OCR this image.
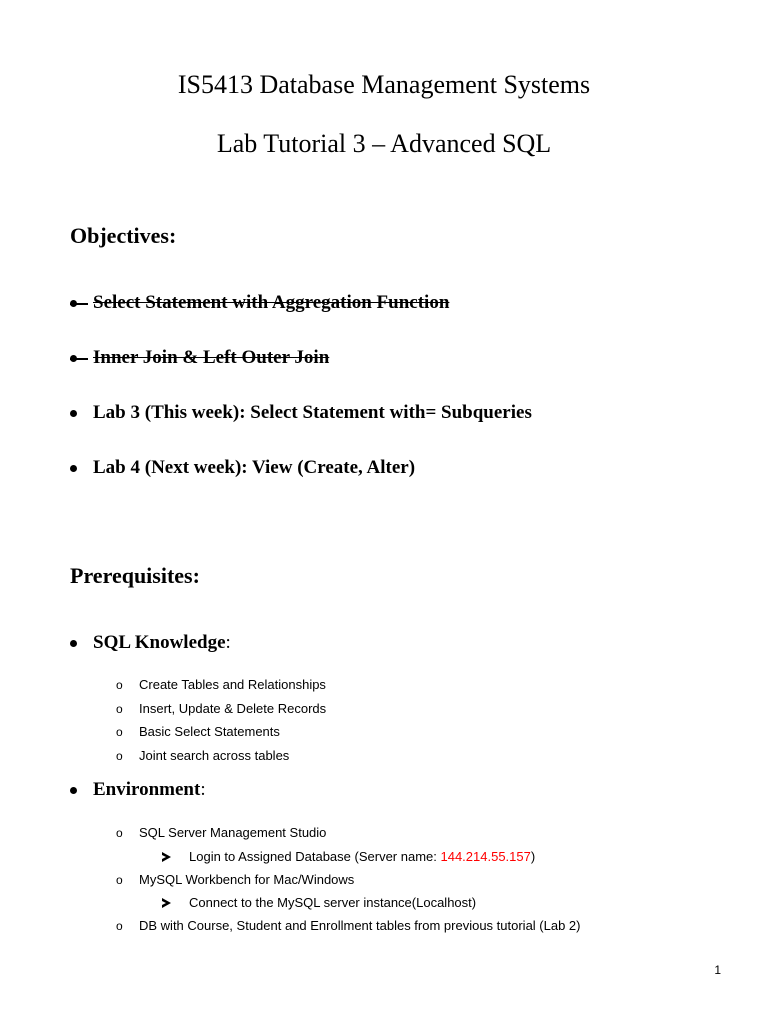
IS5413 Database Management Systems
Lab Tutorial 3 – Advanced SQL
Objectives:
Select Statement with Aggregation Function
Inner Join & Left Outer Join
Lab 3 (This week): Select Statement with= Subqueries
Lab 4 (Next week): View (Create, Alter)
Prerequisites:
SQL Knowledge:
o Create Tables and Relationships
o Insert, Update & Delete Records
o Basic Select Statements
o Joint search across tables
Environment:
o SQL Server Management Studio
Login to Assigned Database (Server name: 144.214.55.157)
o MySQL Workbench for Mac/Windows
Connect to the MySQL server instance(Localhost)
o DB with Course, Student and Enrollment tables from previous tutorial (Lab 2)
1
